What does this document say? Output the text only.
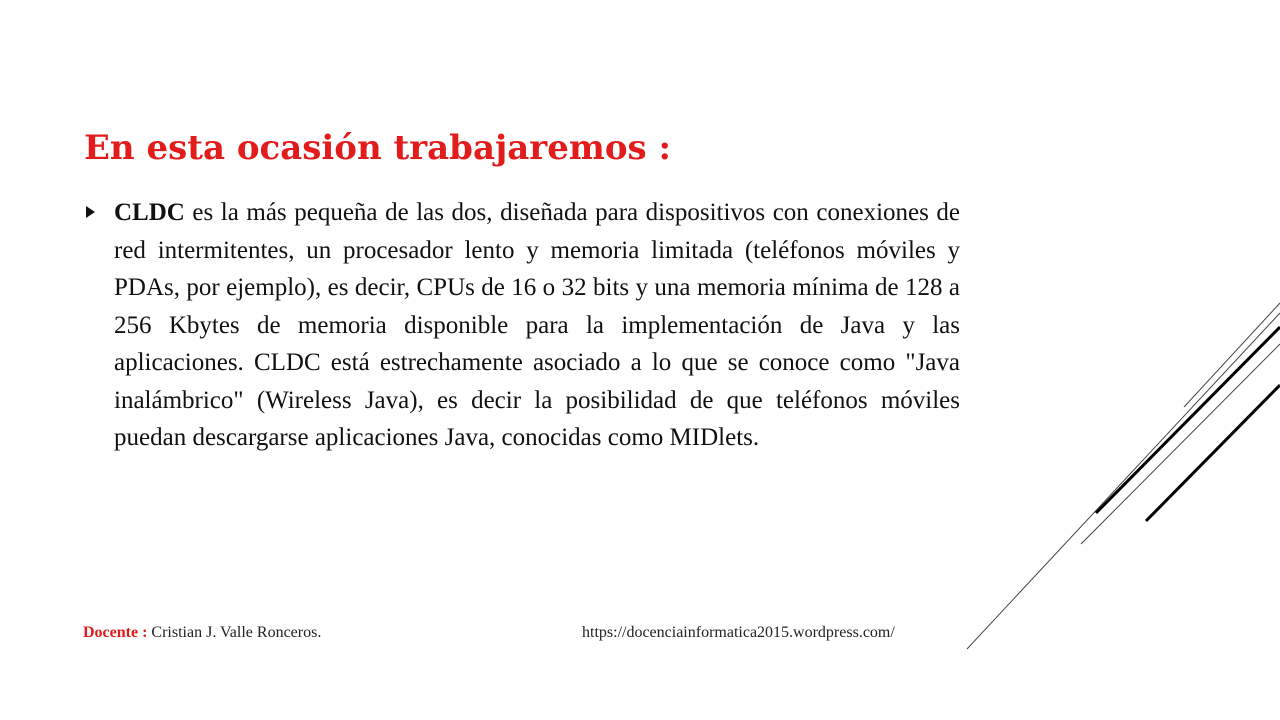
En esta ocasión trabajaremos :

CLDC es la más pequeña de las dos, diseñada para dispositivos con conexiones de red intermitentes, un procesador lento y memoria limitada (teléfonos móviles y PDAs, por ejemplo), es decir, CPUs de 16 o 32 bits y una memoria mínima de 128 a 256 Kbytes de memoria disponible para la implementación de Java y las aplicaciones. CLDC está estrechamente asociado a lo que se conoce como "Java inalámbrico" (Wireless Java), es decir la posibilidad de que teléfonos móviles puedan descargarse aplicaciones Java, conocidas como MIDlets.

Docente : Cristian J. Valle Ronceros.	https://docenciainformatica2015.wordpress.com/
